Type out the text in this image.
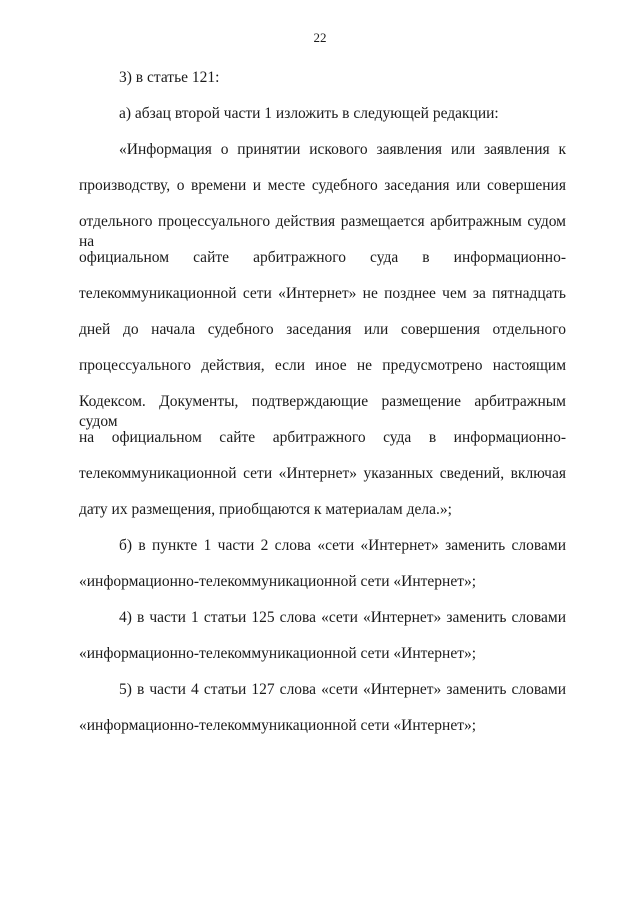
22
3) в статье 121:
а) абзац второй части 1 изложить в следующей редакции:
«Информация о принятии искового заявления или заявления к
производству, о времени и месте судебного заседания или совершения
отдельного процессуального действия размещается арбитражным судом на
официальном сайте арбитражного суда в информационно-
телекоммуникационной сети «Интернет» не позднее чем за пятнадцать
дней до начала судебного заседания или совершения отдельного
процессуального действия, если иное не предусмотрено настоящим
Кодексом. Документы, подтверждающие размещение арбитражным судом
на официальном сайте арбитражного суда в информационно-
телекоммуникационной сети «Интернет» указанных сведений, включая
дату их размещения, приобщаются к материалам дела.»;
б) в пункте 1 части 2 слова «сети «Интернет» заменить словами
«информационно-телекоммуникационной сети «Интернет»;
4) в части 1 статьи 125 слова «сети «Интернет» заменить словами
«информационно-телекоммуникационной сети «Интернет»;
5) в части 4 статьи 127 слова «сети «Интернет» заменить словами
«информационно-телекоммуникационной сети «Интернет»;
